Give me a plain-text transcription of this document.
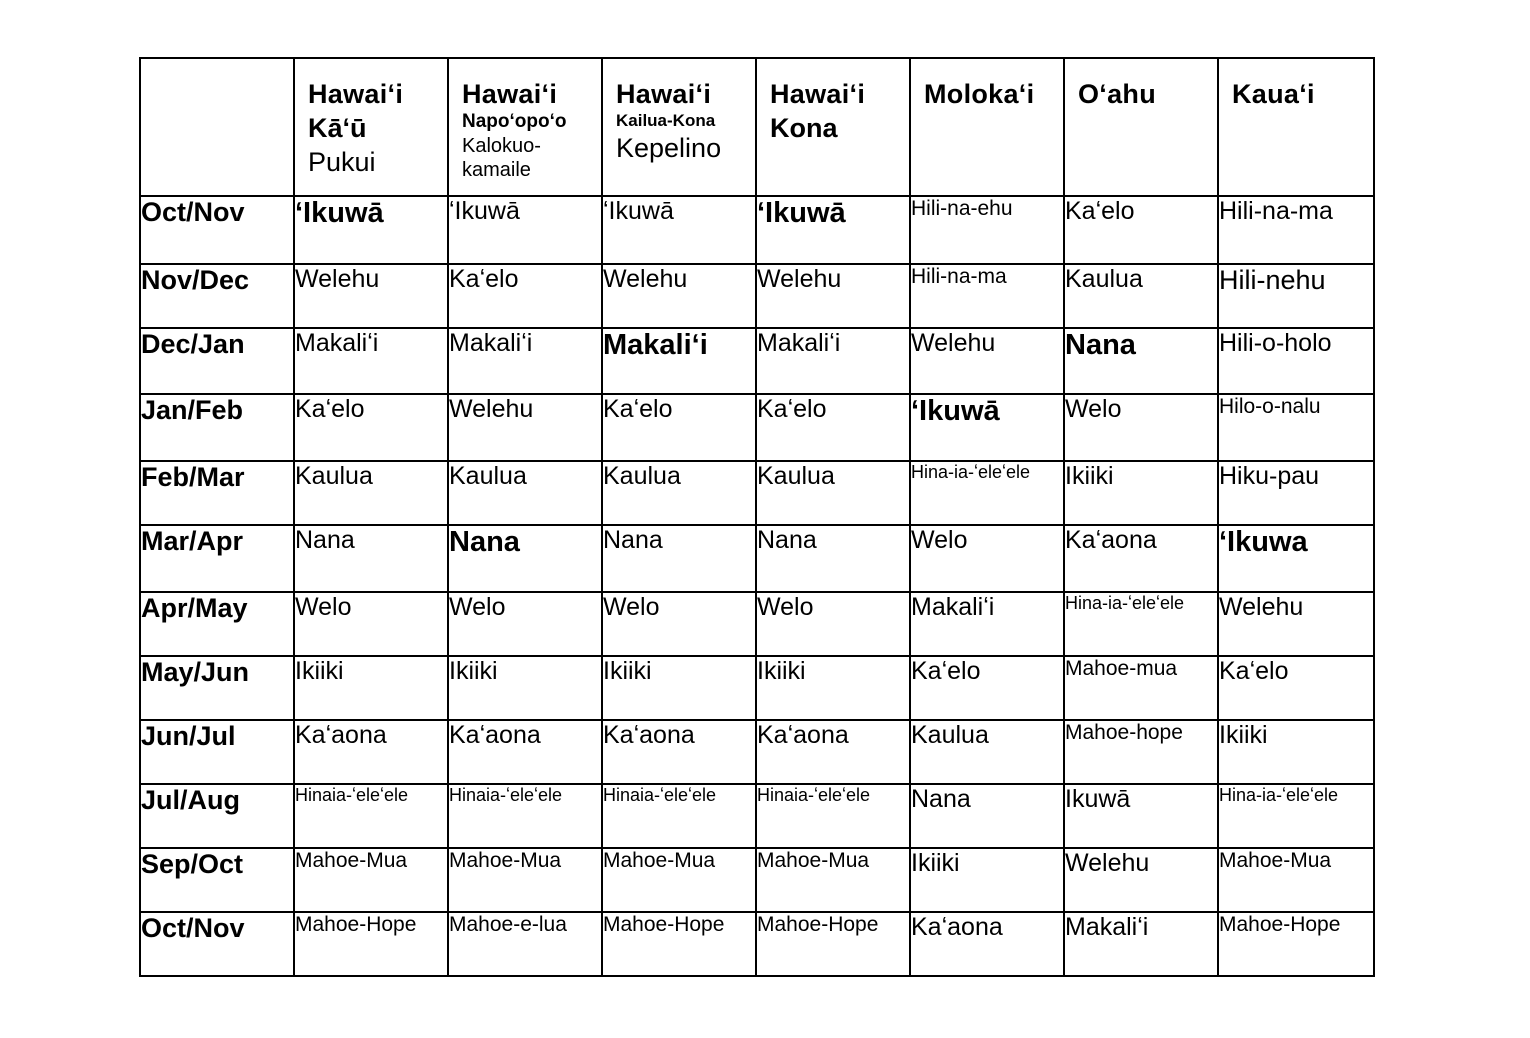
	Hawaiʻi
Kāʻū
Pukui	Hawaiʻi
Napoʻopoʻo
Kalokuo-kamaile	Hawaiʻi
Kailua-Kona
Kepelino	Hawaiʻi
Kona	Molokaʻi	Oʻahu	Kauaʻi

Oct/Nov	ʻIkuwā	ʻIkuwā	ʻIkuwā	ʻIkuwā	Hili-na-ehu	Kaʻelo	Hili-na-ma

Nov/Dec	Welehu	Kaʻelo	Welehu	Welehu	Hili-na-ma	Kaulua	Hili-nehu

Dec/Jan	Makaliʻi	Makaliʻi	Makaliʻi	Makaliʻi	Welehu	Nana	Hili-o-holo

Jan/Feb	Kaʻelo	Welehu	Kaʻelo	Kaʻelo	ʻIkuwā	Welo	Hilo-o-nalu

Feb/Mar	Kaulua	Kaulua	Kaulua	Kaulua	Hina-ia-ʻeleʻele	Ikiiki	Hiku-pau

Mar/Apr	Nana	Nana	Nana	Nana	Welo	Kaʻaona	ʻIkuwa

Apr/May	Welo	Welo	Welo	Welo	Makaliʻi	Hina-ia-ʻeleʻele	Welehu

May/Jun	Ikiiki	Ikiiki	Ikiiki	Ikiiki	Kaʻelo	Mahoe-mua	Kaʻelo

Jun/Jul	Kaʻaona	Kaʻaona	Kaʻaona	Kaʻaona	Kaulua	Mahoe-hope	Ikiiki

Jul/Aug	Hinaia-ʻeleʻele	Hinaia-ʻeleʻele	Hinaia-ʻeleʻele	Hinaia-ʻeleʻele	Nana	Ikuwā	Hina-ia-ʻeleʻele

Sep/Oct	Mahoe-Mua	Mahoe-Mua	Mahoe-Mua	Mahoe-Mua	Ikiiki	Welehu	Mahoe-Mua

Oct/Nov	Mahoe-Hope	Mahoe-e-lua	Mahoe-Hope	Mahoe-Hope	Kaʻaona	Makaliʻi	Mahoe-Hope
